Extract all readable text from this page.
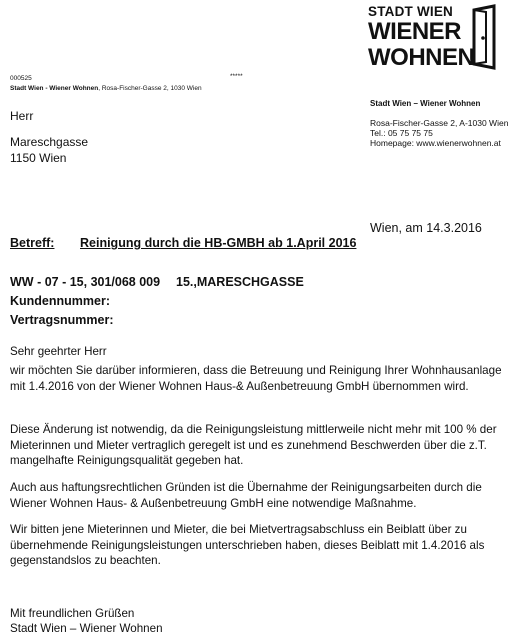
STADT WIEN
WIENER
WOHNEN
000525	*****
Stadt Wien - Wiener Wohnen, Rosa-Fischer-Gasse 2, 1030 Wien
Herr
Mareschgasse
1150 Wien
Stadt Wien – Wiener Wohnen
Rosa-Fischer-Gasse 2, A-1030 Wien
Tel.: 05 75 75 75
Homepage: www.wienerwohnen.at
Wien, am 14.3.2016
Betreff: Reinigung durch die HB-GMBH ab 1.April 2016
WW - 07 - 15, 301/068 009 15.,MARESCHGASSE
Kundennummer:
Vertragsnummer:
Sehr geehrter Herr
wir möchten Sie darüber informieren, dass die Betreuung und Reinigung Ihrer Wohnhausanlage mit 1.4.2016 von der Wiener Wohnen Haus-& Außenbetreuung GmbH übernommen wird.
Diese Änderung ist notwendig, da die Reinigungsleistung mittlerweile nicht mehr mit 100 % der Mieterinnen und Mieter vertraglich geregelt ist und es zunehmend Beschwerden über die z.T. mangelhafte Reinigungsqualität gegeben hat.
Auch aus haftungsrechtlichen Gründen ist die Übernahme der Reinigungsarbeiten durch die Wiener Wohnen Haus- & Außenbetreuung GmbH eine notwendige Maßnahme.
Wir bitten jene Mieterinnen und Mieter, die bei Mietvertragsabschluss ein Beiblatt über zu übernehmende Reinigungsleistungen unterschrieben haben, dieses Beiblatt mit 1.4.2016 als gegenstandslos zu beachten.
Mit freundlichen Grüßen
Stadt Wien – Wiener Wohnen
